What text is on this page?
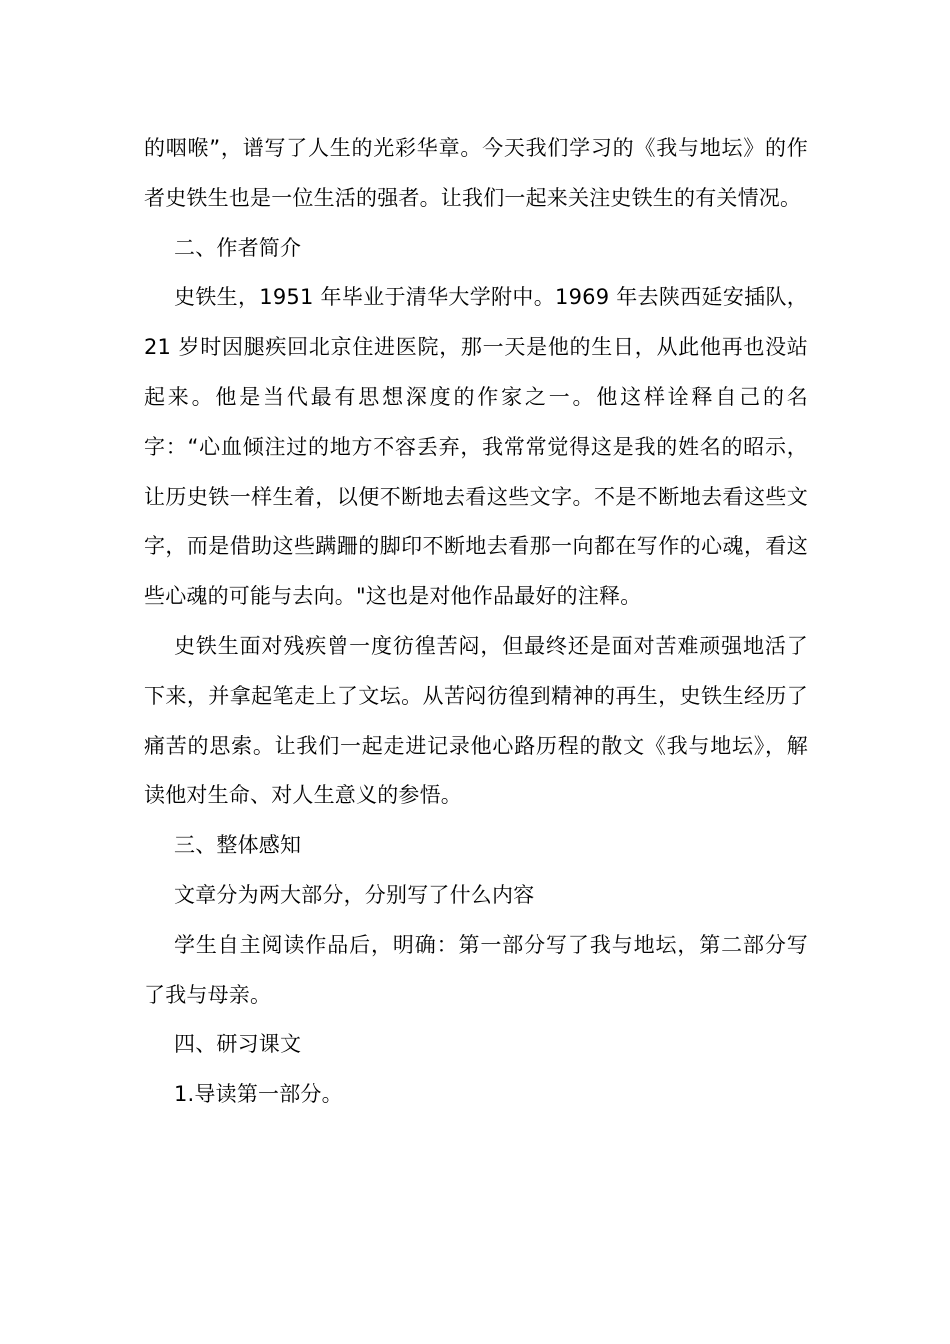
的咽喉”，谱写了人生的光彩华章。今天我们学习的《我与地坛》的作者史铁生也是一位生活的强者。让我们一起来关注史铁生的有关情况。

二、作者简介

史铁生，1951 年毕业于清华大学附中。1969 年去陕西延安插队，21 岁时因腿疾回北京住进医院，那一天是他的生日，从此他再也没站起来。他是当代最有思想深度的作家之一。他这样诠释自己的名字：“心血倾注过的地方不容丢弃，我常常觉得这是我的姓名的昭示，让历史铁一样生着，以便不断地去看这些文字。不是不断地去看这些文字，而是借助这些蹒跚的脚印不断地去看那一向都在写作的心魂，看这些心魂的可能与去向。"这也是对他作品最好的注释。

史铁生面对残疾曾一度彷徨苦闷，但最终还是面对苦难顽强地活了下来，并拿起笔走上了文坛。从苦闷彷徨到精神的再生，史铁生经历了痛苦的思索。让我们一起走进记录他心路历程的散文《我与地坛》，解读他对生命、对人生意义的参悟。

三、整体感知

文章分为两大部分，分别写了什么内容

学生自主阅读作品后，明确：第一部分写了我与地坛，第二部分写了我与母亲。

四、研习课文

1.导读第一部分。
